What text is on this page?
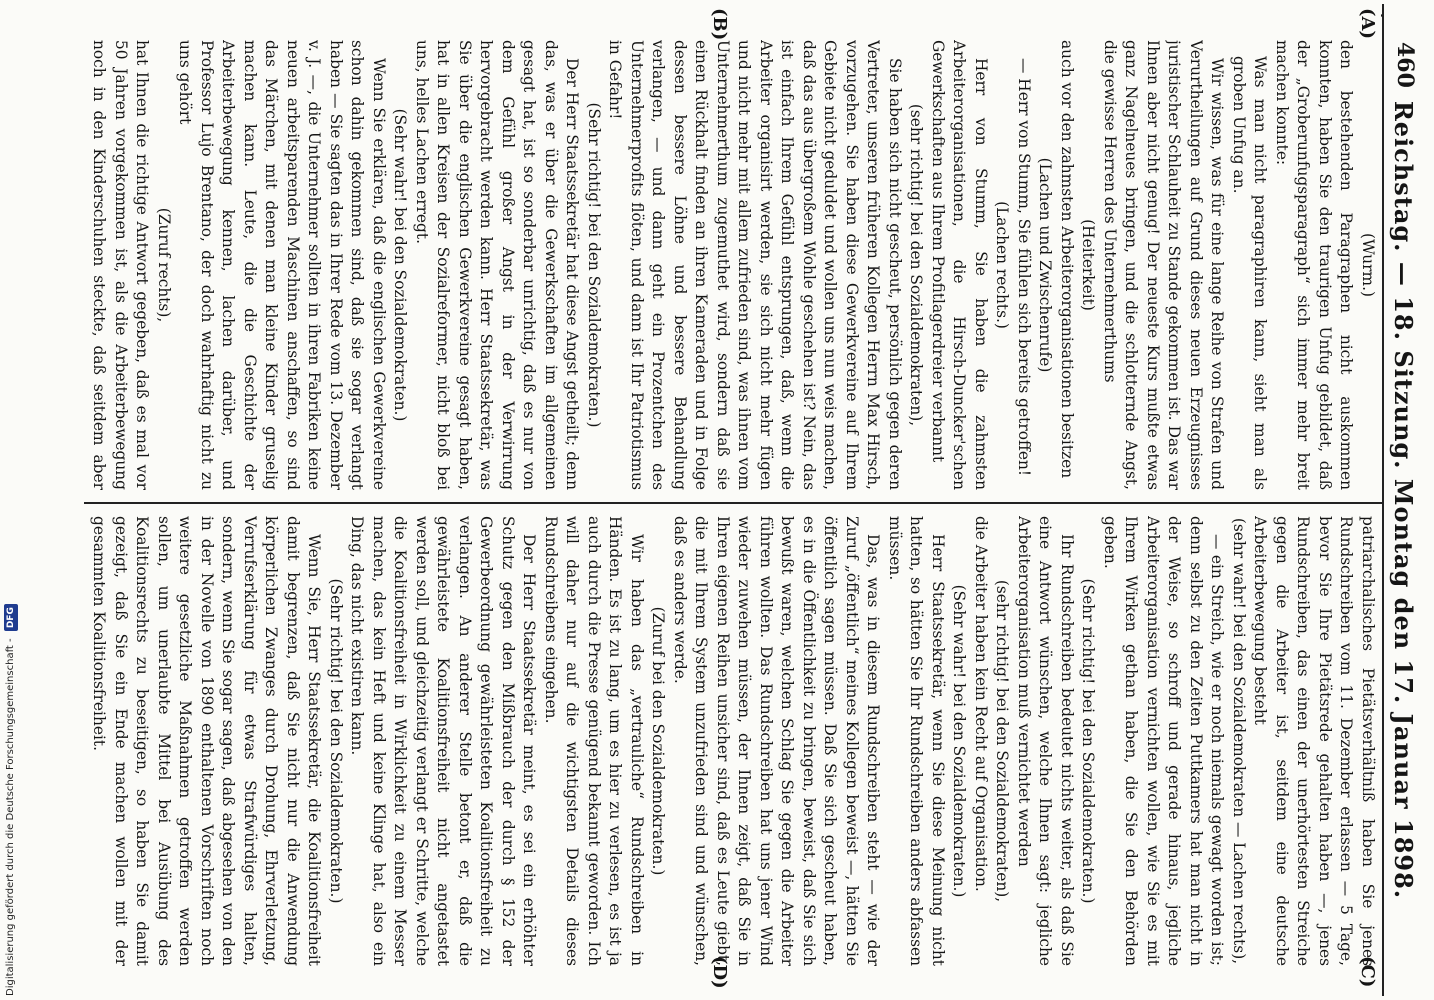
460
Reichstag. — 18. Sitzung. Montag den 17. Januar 1898.
(A)
(B)
(C)
(D)

(Wurm.)

den bestehenden Paragraphen nicht auskommen konnten, haben Sie den traurigen Unfug gebildet, daß der „Groberunfugsparagraph“ sich immer mehr breit machen konnte:

Was man nicht paragraphiren kann, sieht man als groben Unfug an.

Wir wissen, was für eine lange Reihe von Strafen und Verurtheilungen auf Grund dieses neuen Erzeugnisses juristischer Schlauheit zu Stande gekommen ist. Das war Ihnen aber nicht genug! Der neueste Kurs mußte etwas ganz Nagelneues bringen, und die schlotternde Angst, die gewisse Herren des Unternehmerthums

(Heiterkeit)

auch vor den zahmsten Arbeiterorganisationen besitzen

(Lachen und Zwischenrufe)

— Herr von Stumm, Sie fühlen sich bereits getroffen!

(Lachen rechts.)

Herr von Stumm, Sie haben die zahmsten Arbeiterorganisationen, die Hirsch-Duncker'schen Gewerkschaften aus Ihrem Profitlagerdreier verbannt

(sehr richtig! bei den Sozialdemokraten),

Sie haben sich nicht gescheut, persönlich gegen deren Vertreter, unseren früheren Kollegen Herrn Max Hirsch, vorzugehen. Sie haben diese Gewerkvereine auf Ihrem Gebiete nicht geduldet und wollen uns nun weis machen, daß das aus übergroßem Wohle geschehen ist? Nein, das ist einfach Ihrem Gefühl entsprungen, daß, wenn die Arbeiter organisirt werden, sie sich nicht mehr fügen und nicht mehr mit allem zufrieden sind, was ihnen vom Unternehmerthum zugemuthet wird, sondern daß sie einen Rückhalt finden an ihren Kameraden und in Folge dessen bessere Löhne und bessere Behandlung verlangen, — und dann geht ein Prozentchen des Unternehmerprofits flöten, und dann ist Ihr Patriotismus in Gefahr!

(Sehr richtig! bei den Sozialdemokraten.)

Der Herr Staatssekretär hat diese Angst getheilt; denn das, was er über die Gewerkschaften im allgemeinen gesagt hat, ist so sonderbar unrichtig, daß es nur von dem Gefühl großer Angst in der Verwirrung hervorgebracht werden kann. Herr Staatssekretär, was Sie über die englischen Gewerkvereine gesagt haben, hat in allen Kreisen der Sozialreformer, nicht bloß bei uns, helles Lachen erregt.

(Sehr wahr! bei den Sozialdemokraten.)

Wenn Sie erklären, daß die englischen Gewerkvereine schon dahin gekommen sind, daß sie sogar verlangt haben — Sie sagten das in Ihrer Rede vom 13. Dezember v. J. —, die Unternehmer sollten in ihren Fabriken keine neuen arbeitsparenden Maschinen anschaffen, so sind das Märchen, mit denen man kleine Kinder gruselig machen kann. Leute, die die Geschichte der Arbeiterbewegung kennen, lachen darüber, und Professor Lujo Brentano, der doch wahrhaftig nicht zu uns gehört

(Zuruf rechts),

hat Ihnen die richtige Antwort gegeben, daß es mal vor 50 Jahren vorgekommen ist, als die Arbeiterbewegung noch in den Kinderschuhen steckte, daß seitdem aber

patriarchalisches Pietätsverhältniß haben Sie jenes Rundschreiben vom 11. Dezember erlassen — 5 Tage, bevor Sie Ihre Pietätsrede gehalten haben —, jenes Rundschreiben, das einen der unerhörtesten Streiche gegen die Arbeiter ist, seitdem eine deutsche Arbeiterbewegung besteht

(sehr wahr! bei den Sozialdemokraten — Lachen rechts),

— ein Streich, wie er noch niemals gewagt worden ist; denn selbst zu den Zeiten Puttkamers hat man nicht in der Weise, so schroff und gerade hinaus, jegliche Arbeiterorganisation vernichten wollen, wie Sie es mit Ihrem Wirken gethan haben, die Sie den Behörden geben.

(Sehr richtig! bei den Sozialdemokraten.)

Ihr Rundschreiben bedeutet nichts weiter, als daß Sie eine Antwort wünschen, welche Ihnen sagt: jegliche Arbeiterorganisation muß vernichtet werden

(sehr richtig! bei den Sozialdemokraten),

die Arbeiter haben kein Recht auf Organisation.

(Sehr wahr! bei den Sozialdemokraten.)

Herr Staatssekretär, wenn Sie diese Meinung nicht hatten, so hätten Sie Ihr Rundschreiben anders abfassen müssen.

Das, was in diesem Rundschreiben steht — wie der Zuruf „öffentlich“ meines Kollegen beweist —, hätten Sie öffentlich sagen müssen. Daß Sie sich gescheut haben, es in die Öffentlichkeit zu bringen, beweist, daß Sie sich bewußt waren, welchen Schlag Sie gegen die Arbeiter führen wollten. Das Rundschreiben hat uns jener Wind wieder zuwehen müssen, der Ihnen zeigt, daß Sie in Ihren eigenen Reihen unsicher sind, daß es Leute giebt, die mit Ihrem System unzufrieden sind und wünschen, daß es anders werde.

(Zuruf bei den Sozialdemokraten.)

Wir haben das „vertrauliche“ Rundschreiben in Händen. Es ist zu lang, um es hier zu verlesen, es ist ja auch durch die Presse genügend bekannt geworden. Ich will daher nur auf die wichtigsten Details dieses Rundschreibens eingehen.

Der Herr Staatssekretär meint, es sei ein erhöhter Schutz gegen den Mißbrauch der durch § 152 der Gewerbeordnung gewährleisteten Koalitionsfreiheit zu verlangen. An anderer Stelle betont er, daß die gewährleistete Koalitionsfreiheit nicht angetastet werden soll, und gleichzeitig verlangt er Schritte, welche die Koalitionsfreiheit in Wirklichkeit zu einem Messer machen, das kein Heft und keine Klinge hat, also ein Ding, das nicht existiren kann.

(Sehr richtig! bei den Sozialdemokraten.)

Wenn Sie, Herr Staatssekretär, die Koalitionsfreiheit damit begrenzen, daß Sie nicht nur die Anwendung körperlichen Zwanges durch Drohung, Ehrverletzung, Verrufserklärung für etwas Strafwürdiges halten, sondern, wenn Sie sogar sagen, daß abgesehen von den in der Novelle von 1890 enthaltenen Vorschriften noch weitere gesetzliche Maßnahmen getroffen werden sollen, um unerlaubte Mittel bei Ausübung des Koalitionsrechts zu beseitigen, so haben Sie damit gezeigt, daß Sie ein Ende machen wollen mit der gesammten Koalitionsfreiheit.

Digitalisierung gefördert durch die Deutsche Forschungsgemeinschaft - DFG
